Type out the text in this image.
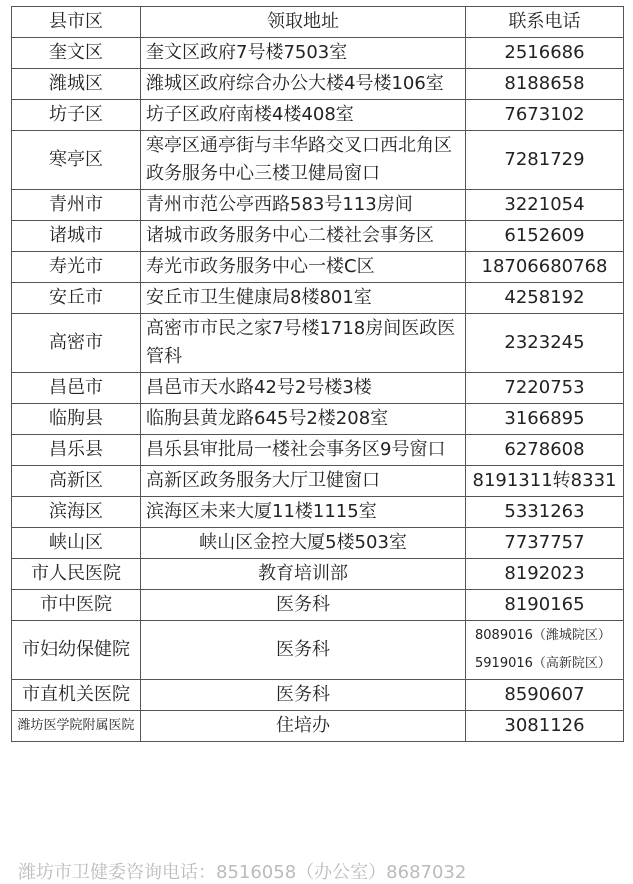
县市区	领取地址	联系电话
奎文区	奎文区政府7号楼7503室	2516686

潍城区	潍城区政府综合办公大楼4号楼106室	8188658

坊子区	坊子区政府南楼4楼408室	7673102

寒亭区	寒亭区通亭街与丰华路交叉口西北角区政务服务中心三楼卫健局窗口	7281729

青州市	青州市范公亭西路583号113房间	3221054

诸城市	诸城市政务服务中心二楼社会事务区	6152609

寿光市	寿光市政务服务中心一楼C区	18706680768

安丘市	安丘市卫生健康局8楼801室	4258192

高密市	高密市市民之家7号楼1718房间医政医管科	2323245

昌邑市	昌邑市天水路42号2号楼3楼	7220753

临朐县	临朐县黄龙路645号2楼208室	3166895

昌乐县	昌乐县审批局一楼社会事务区9号窗口	6278608

高新区	高新区政务服务大厅卫健窗口	8191311转8331

滨海区	滨海区未来大厦11楼1115室	5331263

峡山区	峡山区金控大厦5楼503室	7737757

市人民医院	教育培训部	8192023

市中医院	医务科	8190165

市妇幼保健院	医务科	8089016（潍城院区）
5919016（高新院区）

市直机关医院	医务科	8590607

潍坊医学院附属医院	住培办	3081126
潍坊市卫健委咨询电话：8516058（办公室）8687032
